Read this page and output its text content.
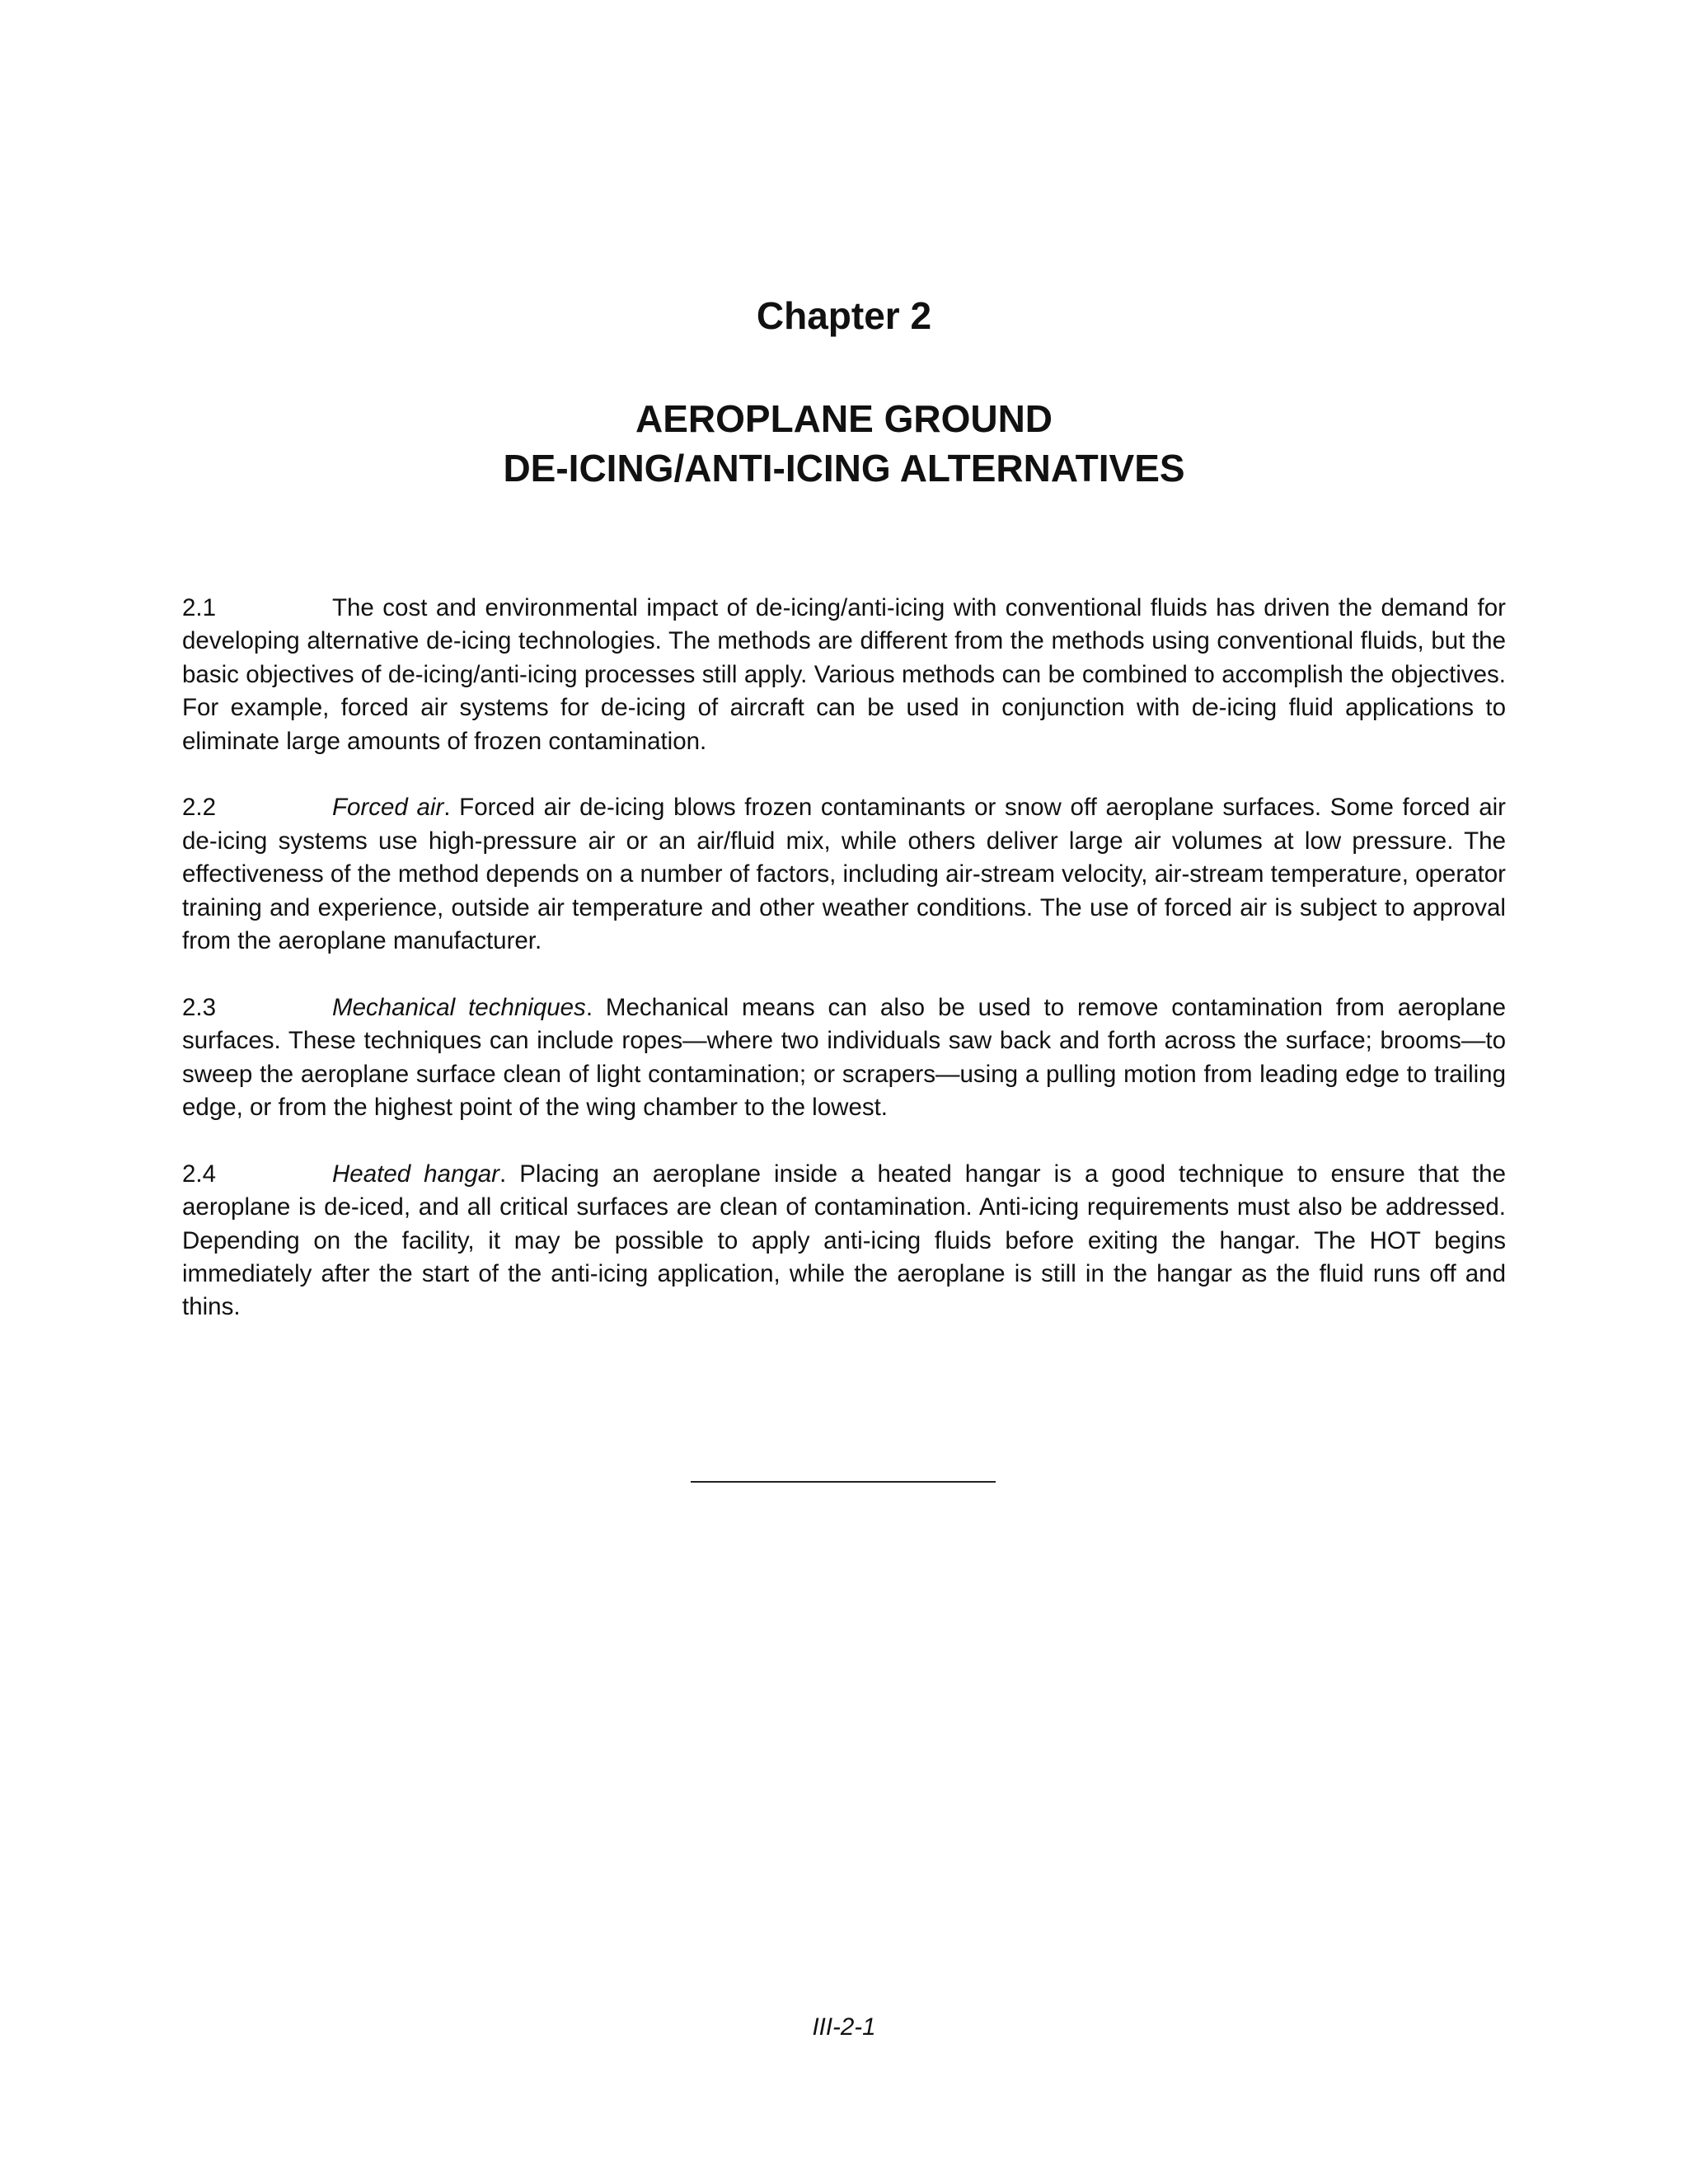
Chapter 2
AEROPLANE GROUND
DE-ICING/ANTI-ICING ALTERNATIVES

2.1	The cost and environmental impact of de-icing/anti-icing with conventional fluids has driven the demand for developing alternative de-icing technologies. The methods are different from the methods using conventional fluids, but the basic objectives of de-icing/anti-icing processes still apply. Various methods can be combined to accomplish the objectives. For example, forced air systems for de-icing of aircraft can be used in conjunction with de-icing fluid applications to eliminate large amounts of frozen contamination.

2.2	Forced air. Forced air de-icing blows frozen contaminants or snow off aeroplane surfaces. Some forced air de-icing systems use high-pressure air or an air/fluid mix, while others deliver large air volumes at low pressure. The effectiveness of the method depends on a number of factors, including air-stream velocity, air-stream temperature, operator training and experience, outside air temperature and other weather conditions. The use of forced air is subject to approval from the aeroplane manufacturer.

2.3	Mechanical techniques. Mechanical means can also be used to remove contamination from aeroplane surfaces. These techniques can include ropes—where two individuals saw back and forth across the surface; brooms—to sweep the aeroplane surface clean of light contamination; or scrapers—using a pulling motion from leading edge to trailing edge, or from the highest point of the wing chamber to the lowest.

2.4	Heated hangar. Placing an aeroplane inside a heated hangar is a good technique to ensure that the aeroplane is de-iced, and all critical surfaces are clean of contamination. Anti-icing requirements must also be addressed. Depending on the facility, it may be possible to apply anti-icing fluids before exiting the hangar. The HOT begins immediately after the start of the anti-icing application, while the aeroplane is still in the hangar as the fluid runs off and thins.

III-2-1
